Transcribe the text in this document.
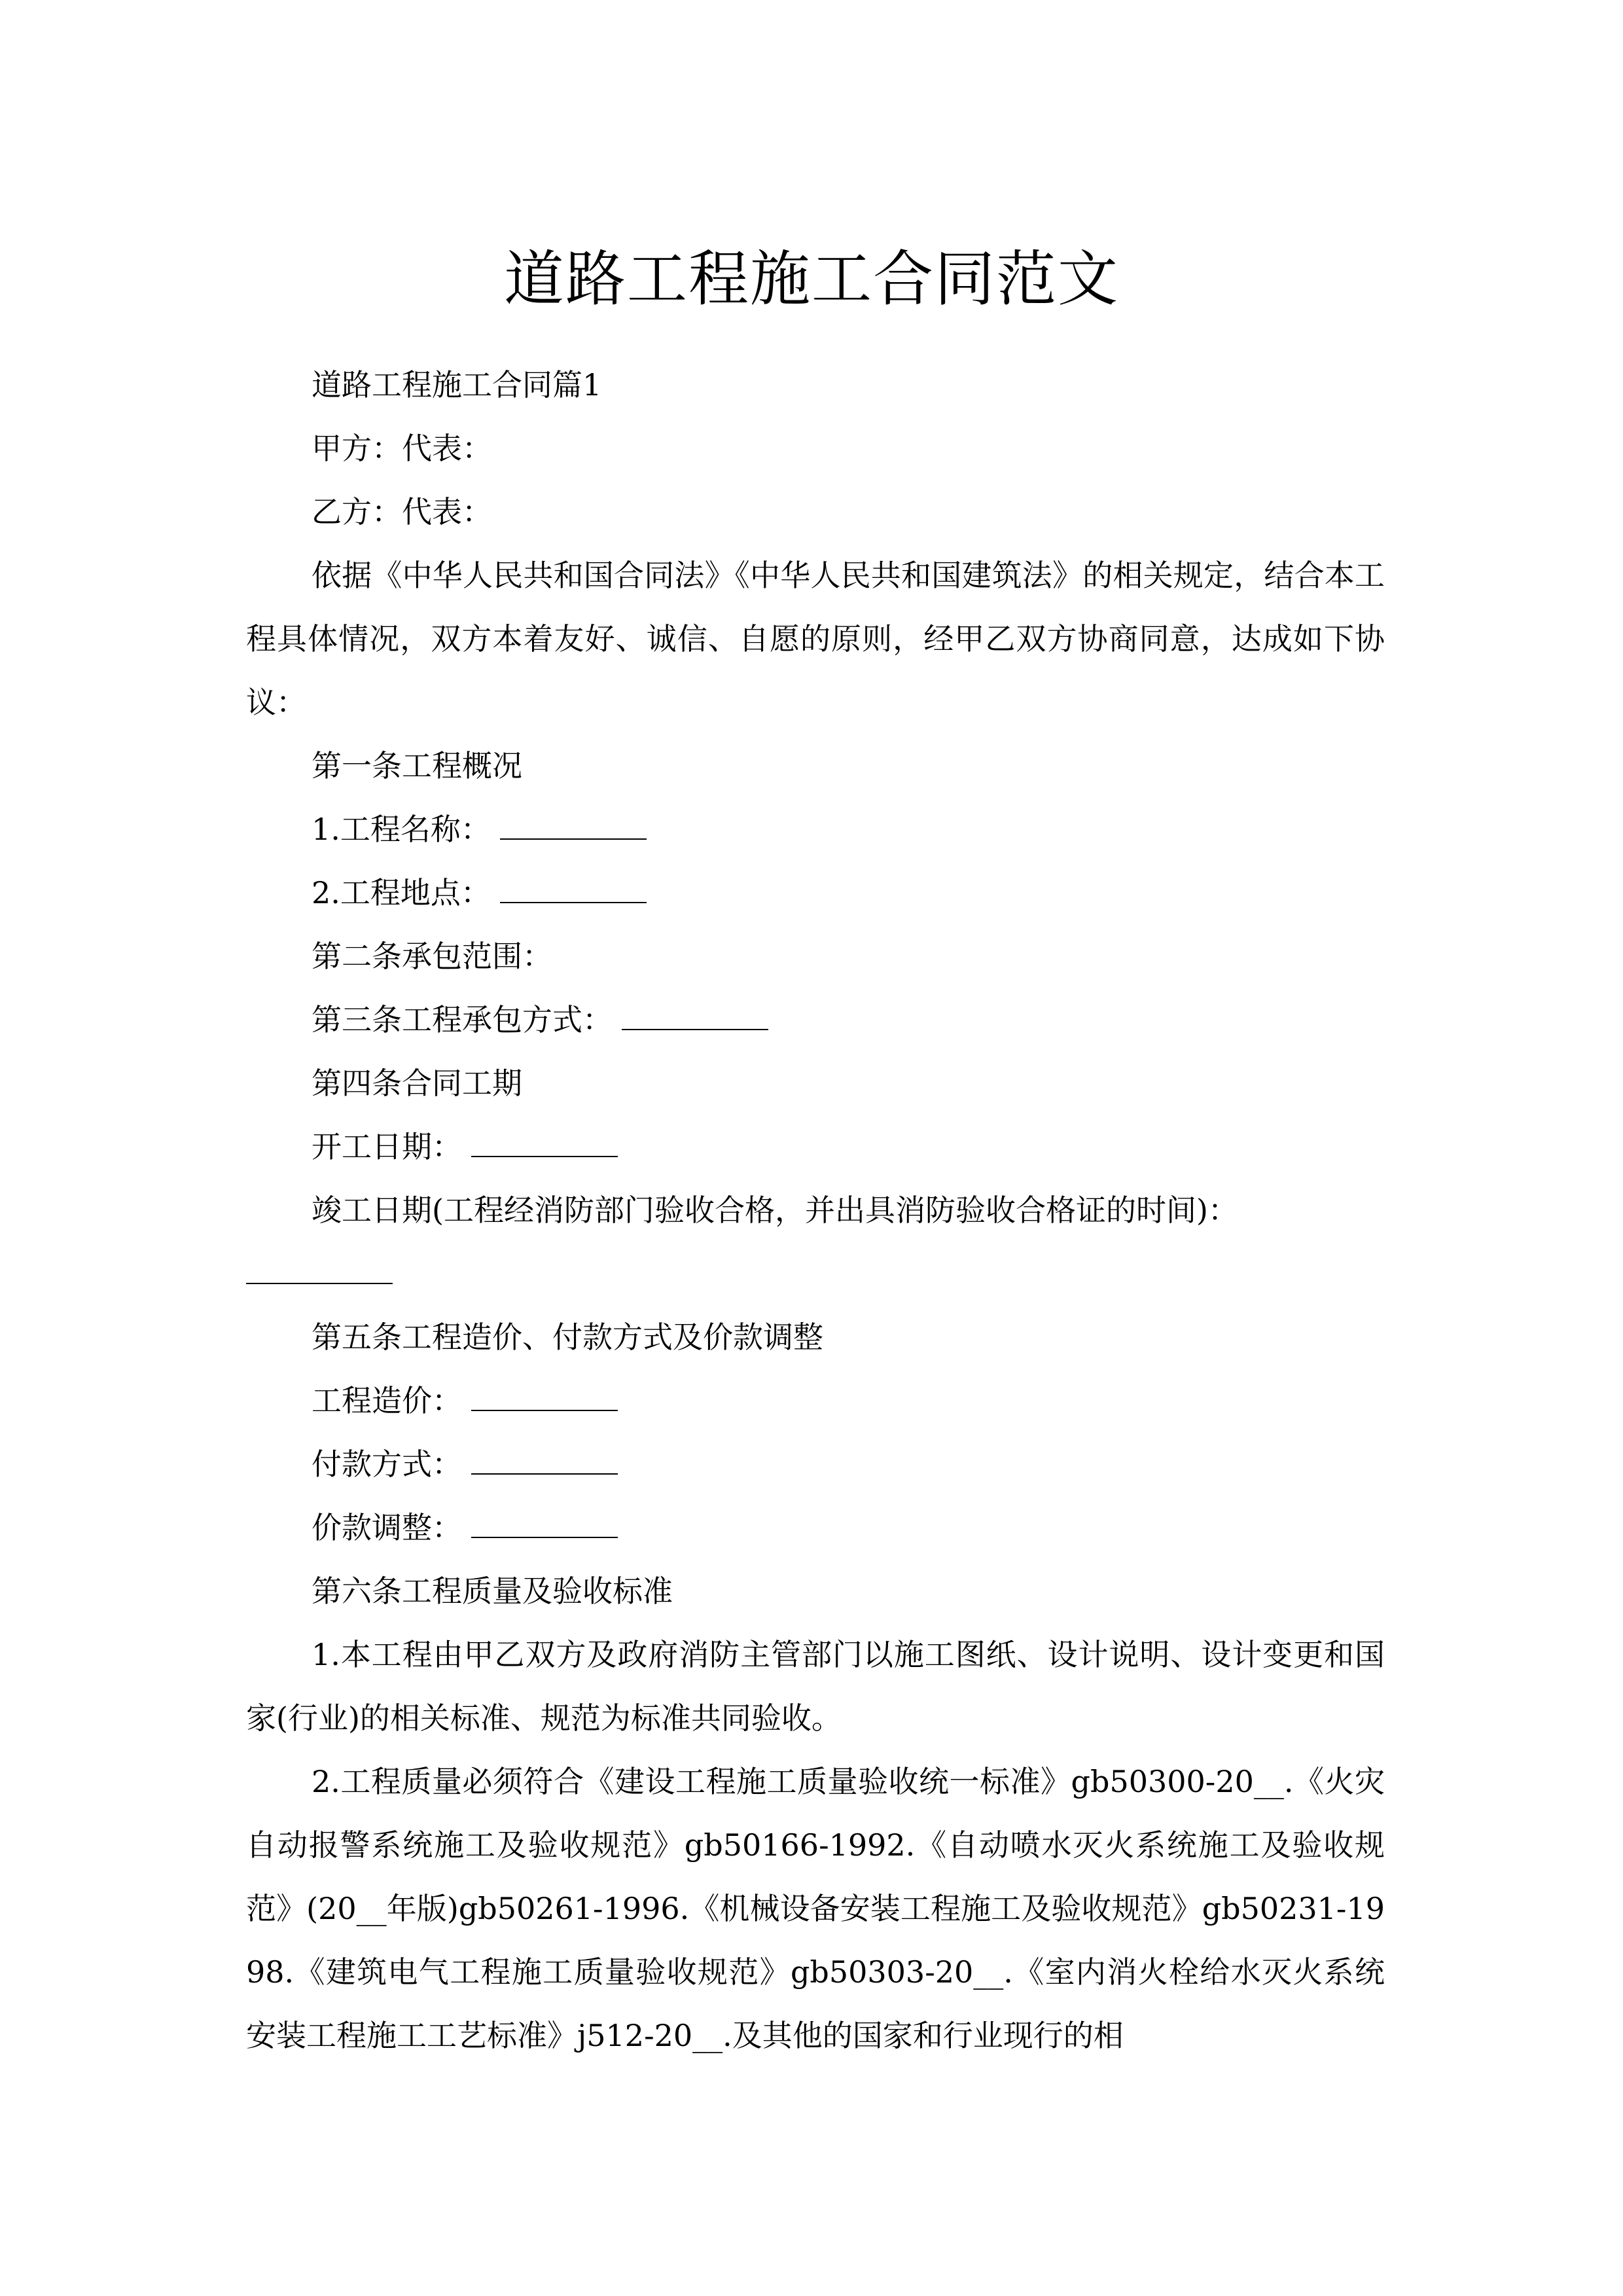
道路工程施工合同范文

道路工程施工合同篇1

甲方：代表：

乙方：代表：

依据《中华人民共和国合同法》《中华人民共和国建筑法》的相关规定，结合本工程具体情况，双方本着友好、诚信、自愿的原则，经甲乙双方协商同意，达成如下协议：

第一条工程概况

1.工程名称：

2.工程地点：

第二条承包范围：

第三条工程承包方式：

第四条合同工期

开工日期：

竣工日期(工程经消防部门验收合格，并出具消防验收合格证的时间)：

第五条工程造价、付款方式及价款调整

工程造价：

付款方式：

价款调整：

第六条工程质量及验收标准

1.本工程由甲乙双方及政府消防主管部门以施工图纸、设计说明、设计变更和国家(行业)的相关标准、规范为标准共同验收。

2.工程质量必须符合《建设工程施工质量验收统一标准》gb50300-20__.《火灾自动报警系统施工及验收规范》gb50166-1992.《自动喷水灭火系统施工及验收规范》(20__年版)gb50261-1996.《机械设备安装工程施工及验收规范》gb50231-1998.《建筑电气工程施工质量验收规范》gb50303-20__.《室内消火栓给水灭火系统安装工程施工工艺标准》j512-20__.及其他的国家和行业现行的相
